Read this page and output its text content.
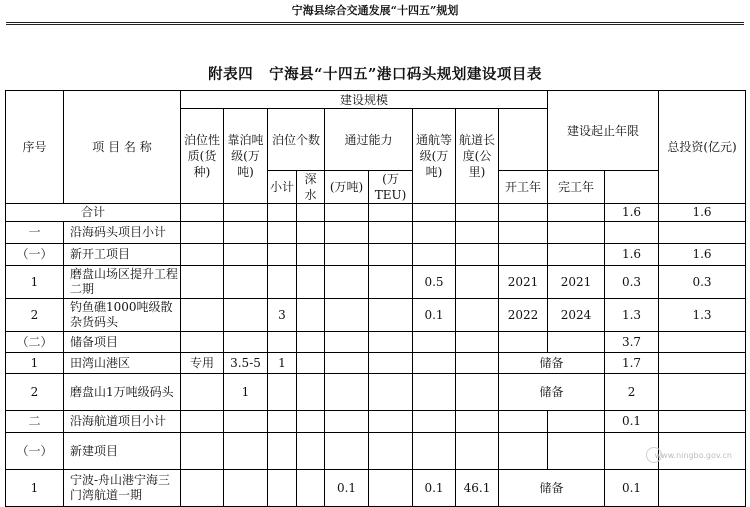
宁海县综合交通发展“十四五”规划
附表四 宁海县“十四五”港口码头规划建设项目表
序号	项 目 名 称	建设规模									建设起止年限		总投资(亿元)	
		泊位性质(货种)	靠泊吨级(万吨)	泊位个数		通过能力		通航等级(万吨)	航道长度(公里)					
				小计	深水	(万吨)	(万TEU)			开工年	完工年			
合计												1.6	1.6	
一	沿海码头项目小计													
（一）	新开工项目											1.6	1.6	
1	磨盘山场区提升工程二期							0.5		2021	2021	0.3	0.3	
2	钓鱼礁1000吨级散杂货码头			3				0.1		2022	2024	1.3	1.3	
（二）	储备项目											3.7		
1	田湾山港区	专用	3.5-5	1						储备		1.7		
2	磨盘山1万吨级码头		1							储备		2		
二	沿海航道项目小计											0.1		
（一）	新建项目													
1	宁波-舟山港宁海三门湾航道一期					0.1		0.1	46.1	储备		0.1		
www.ningbo.gov.cn
